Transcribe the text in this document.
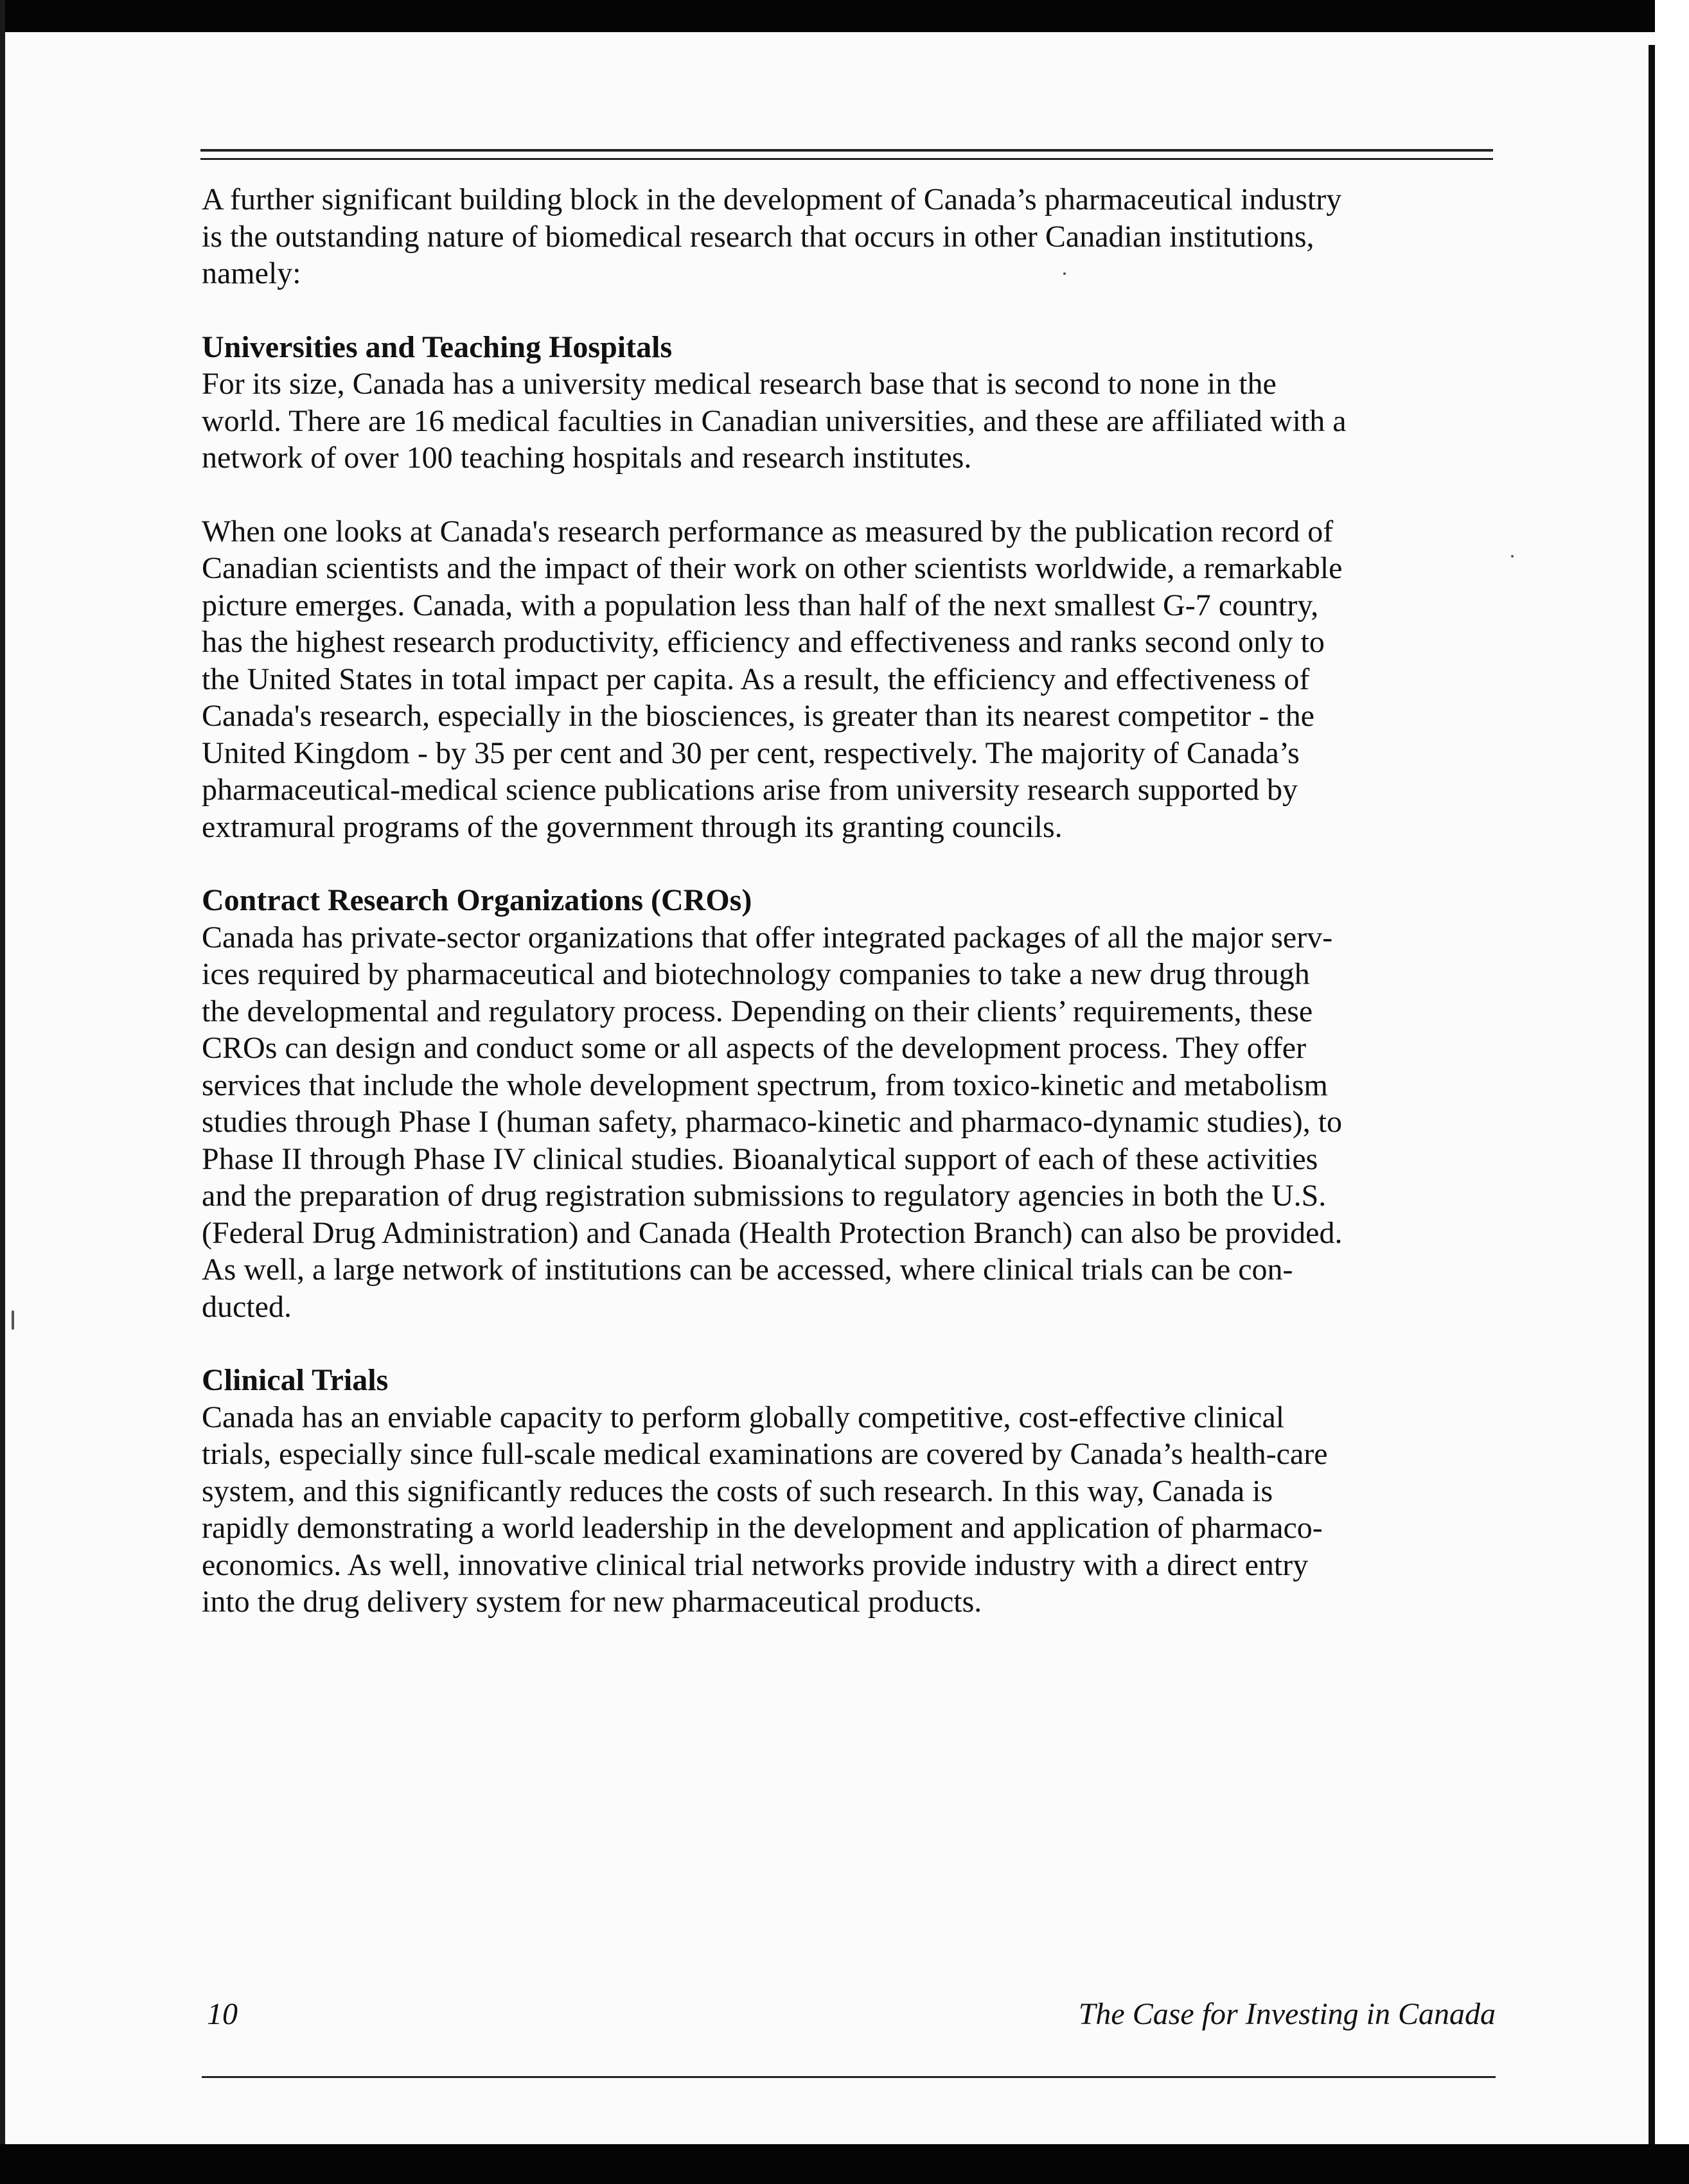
A further significant building block in the development of Canada’s pharmaceutical industry
is the outstanding nature of biomedical research that occurs in other Canadian institutions,
namely:

Universities and Teaching Hospitals

For its size, Canada has a university medical research base that is second to none in the
world. There are 16 medical faculties in Canadian universities, and these are affiliated with a
network of over 100 teaching hospitals and research institutes.

When one looks at Canada's research performance as measured by the publication record of
Canadian scientists and the impact of their work on other scientists worldwide, a remarkable
picture emerges. Canada, with a population less than half of the next smallest G-7 country,
has the highest research productivity, efficiency and effectiveness and ranks second only to
the United States in total impact per capita. As a result, the efficiency and effectiveness of
Canada's research, especially in the biosciences, is greater than its nearest competitor - the
United Kingdom - by 35 per cent and 30 per cent, respectively. The majority of Canada’s
pharmaceutical-medical science publications arise from university research supported by
extramural programs of the government through its granting councils.

Contract Research Organizations (CROs)

Canada has private-sector organizations that offer integrated packages of all the major serv-
ices required by pharmaceutical and biotechnology companies to take a new drug through
the developmental and regulatory process. Depending on their clients’ requirements, these
CROs can design and conduct some or all aspects of the development process. They offer
services that include the whole development spectrum, from toxico-kinetic and metabolism
studies through Phase I (human safety, pharmaco-kinetic and pharmaco-dynamic studies), to
Phase II through Phase IV clinical studies. Bioanalytical support of each of these activities
and the preparation of drug registration submissions to regulatory agencies in both the U.S.
(Federal Drug Administration) and Canada (Health Protection Branch) can also be provided.
As well, a large network of institutions can be accessed, where clinical trials can be con-
ducted.

Clinical Trials

Canada has an enviable capacity to perform globally competitive, cost-effective clinical
trials, especially since full-scale medical examinations are covered by Canada’s health-care
system, and this significantly reduces the costs of such research. In this way, Canada is
rapidly demonstrating a world leadership in the development and application of pharmaco-
economics. As well, innovative clinical trial networks provide industry with a direct entry
into the drug delivery system for new pharmaceutical products.

10	The Case for Investing in Canada
